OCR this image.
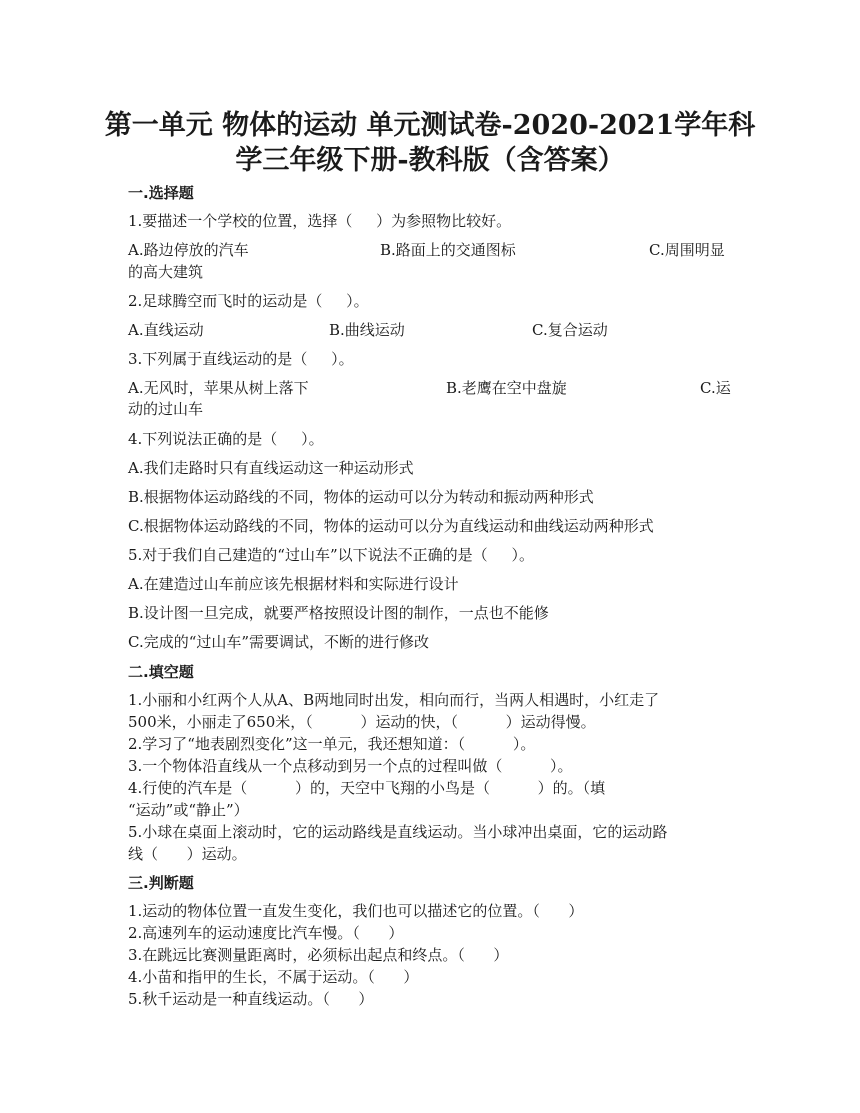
第一单元 物体的运动 单元测试卷-2020-2021学年科学三年级下册-教科版（含答案）
一.选择题
1.要描述一个学校的位置，选择（     ）为参照物比较好。
A.路边停放的汽车	B.路面上的交通图标	C.周围明显
的高大建筑
2.足球腾空而飞时的运动是（     ）。
A.直线运动	B.曲线运动	C.复合运动
3.下列属于直线运动的是（     ）。
A.无风时，苹果从树上落下	B.老鹰在空中盘旋	C.运
动的过山车
4.下列说法正确的是（     ）。
A.我们走路时只有直线运动这一种运动形式
B.根据物体运动路线的不同，物体的运动可以分为转动和振动两种形式
C.根据物体运动路线的不同，物体的运动可以分为直线运动和曲线运动两种形式
5.对于我们自己建造的“过山车”以下说法不正确的是（     ）。
A.在建造过山车前应该先根据材料和实际进行设计
B.设计图一旦完成，就要严格按照设计图的制作，一点也不能修
C.完成的“过山车”需要调试，不断的进行修改
二.填空题
1.小丽和小红两个人从A、B两地同时出发，相向而行，当两人相遇时，小红走了
500米，小丽走了650米，（          ）运动的快，（          ）运动得慢。
2.学习了“地表剧烈变化”这一单元，我还想知道：（          ）。
3.一个物体沿直线从一个点移动到另一个点的过程叫做（          ）。
4.行使的汽车是（          ）的，天空中飞翔的小鸟是（          ）的。（填
“运动”或“静止”）
5.小球在桌面上滚动时，它的运动路线是直线运动。当小球冲出桌面，它的运动路
线（      ）运动。
三.判断题
1.运动的物体位置一直发生变化，我们也可以描述它的位置。（      ）
2.高速列车的运动速度比汽车慢。（      ）
3.在跳远比赛测量距离时，必须标出起点和终点。（      ）
4.小苗和指甲的生长，不属于运动。（      ）
5.秋千运动是一种直线运动。（      ）
